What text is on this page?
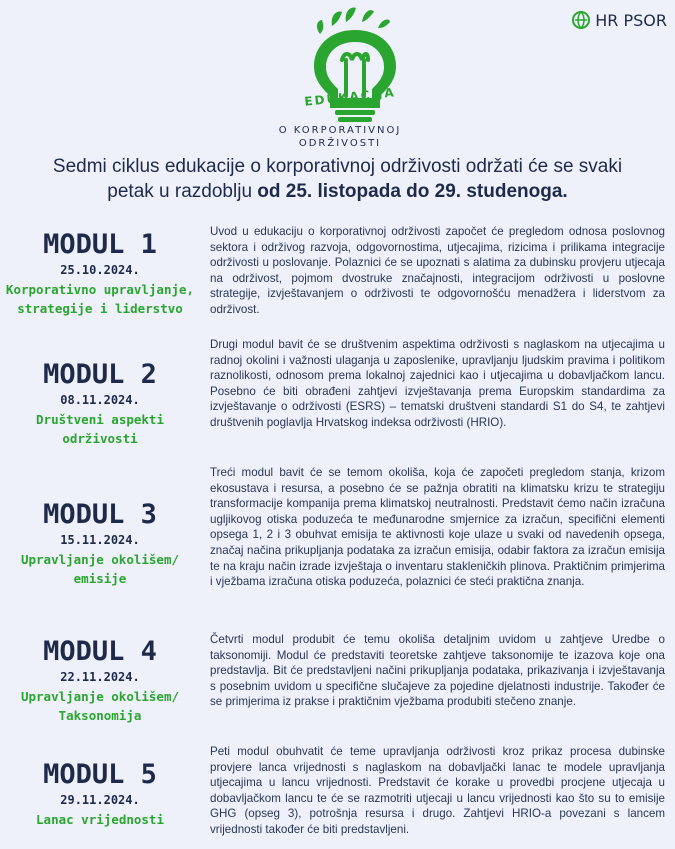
EDUKACIJA
O KORPORATIVNOJ
ODRŽIVOSTI
HR PSOR
Sedmi ciklus edukacije o korporativnoj održivosti održati će se svaki
petak u razdoblju od 25. listopada do 29. studenoga.
MODUL 1
25.10.2024.
Korporativno upravljanje,
strategije i liderstvo

Uvod u edukaciju o korporativnoj održivosti započet će pregledom odnosa poslovnog sektora i održivog razvoja, odgovornostima, utjecajima, rizicima i prilikama integracije održivosti u poslovanje. Polaznici će se upoznati s alatima za dubinsku provjeru utjecaja na održivost, pojmom dvostruke značajnosti, integracijom održivosti u poslovne strategije, izvještavanjem o održivosti te odgovornošću menadžera i liderstvom za održivost.

MODUL 2
08.11.2024.
Društveni aspekti održivosti

Drugi modul bavit će se društvenim aspektima održivosti s naglaskom na utjecajima u radnoj okolini i važnosti ulaganja u zaposlenike, upravljanju ljudskim pravima i politikom raznolikosti, odnosom prema lokalnoj zajednici kao i utjecajima u dobavljačkom lancu. Posebno će biti obrađeni zahtjevi izvještavanja prema Europskim standardima za izvještavanje o održivosti (ESRS) – tematski društveni standardi S1 do S4, te zahtjevi društvenih poglavlja Hrvatskog indeksa održivosti (HRIO).

MODUL 3
15.11.2024.
Upravljanje okolišem/ emisije

Treći modul bavit će se temom okoliša, koja će započeti pregledom stanja, krizom ekosustava i resursa, a posebno će se pažnja obratiti na klimatsku krizu te strategiju transformacije kompanija prema klimatskoj neutralnosti. Predstavit ćemo način izračuna ugljikovog otiska poduzeća te međunarodne smjernice za izračun, specifični elementi opsega 1, 2 i 3 obuhvat emisija te aktivnosti koje ulaze u svaki od navedenih opsega, značaj načina prikupljanja podataka za izračun emisija, odabir faktora za izračun emisija te na kraju način izrade izvještaja o inventaru stakleničkih plinova. Praktičnim primjerima i vježbama izračuna otiska poduzeća, polaznici će steći praktična znanja.

MODUL 4
22.11.2024.
Upravljanje okolišem/
Taksonomija

Četvrti modul produbit će temu okoliša detaljnim uvidom u zahtjeve Uredbe o taksonomiji. Modul će predstaviti teoretske zahtjeve taksonomije te izazova koje ona predstavlja. Bit će predstavljeni načini prikupljanja podataka, prikazivanja i izvještavanja s posebnim uvidom u specifične slučajeve za pojedine djelatnosti industrije. Također će se primjerima iz prakse i praktičnim vježbama produbiti stečeno znanje.

MODUL 5
29.11.2024.
Lanac vrijednosti

Peti modul obuhvatit će teme upravljanja održivosti kroz prikaz procesa dubinske provjere lanca vrijednosti s naglaskom na dobavljački lanac te modele upravljanja utjecajima u lancu vrijednosti. Predstavit će korake u provedbi procjene utjecaja u dobavljačkom lancu te će se razmotriti utjecaji u lancu vrijednosti kao što su to emisije GHG (opseg 3), potrošnja resursa i drugo. Zahtjevi HRIO-a povezani s lancem vrijednosti također će biti predstavljeni.
